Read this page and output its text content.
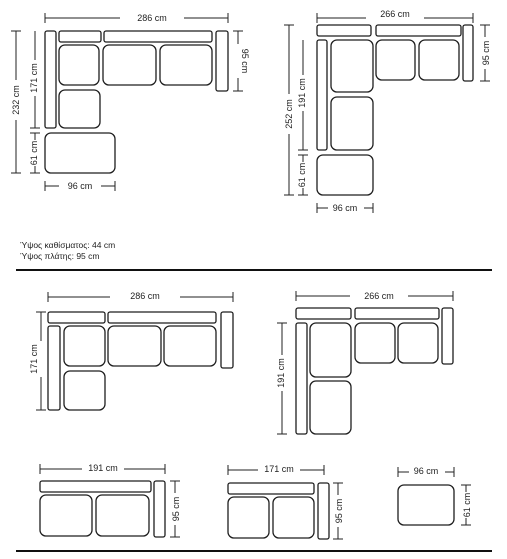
286 cm
95 cm
232 cm
171 cm
61 cm
96 cm
266 cm
95 cm
252 cm
191 cm
61 cm
96 cm
286 cm
171 cm
266 cm
191 cm
191 cm
95 cm
171 cm
95 cm
96 cm
61 cm
Ύψος καθίσματος: 44 cm
Ύψος πλάτης: 95 cm
